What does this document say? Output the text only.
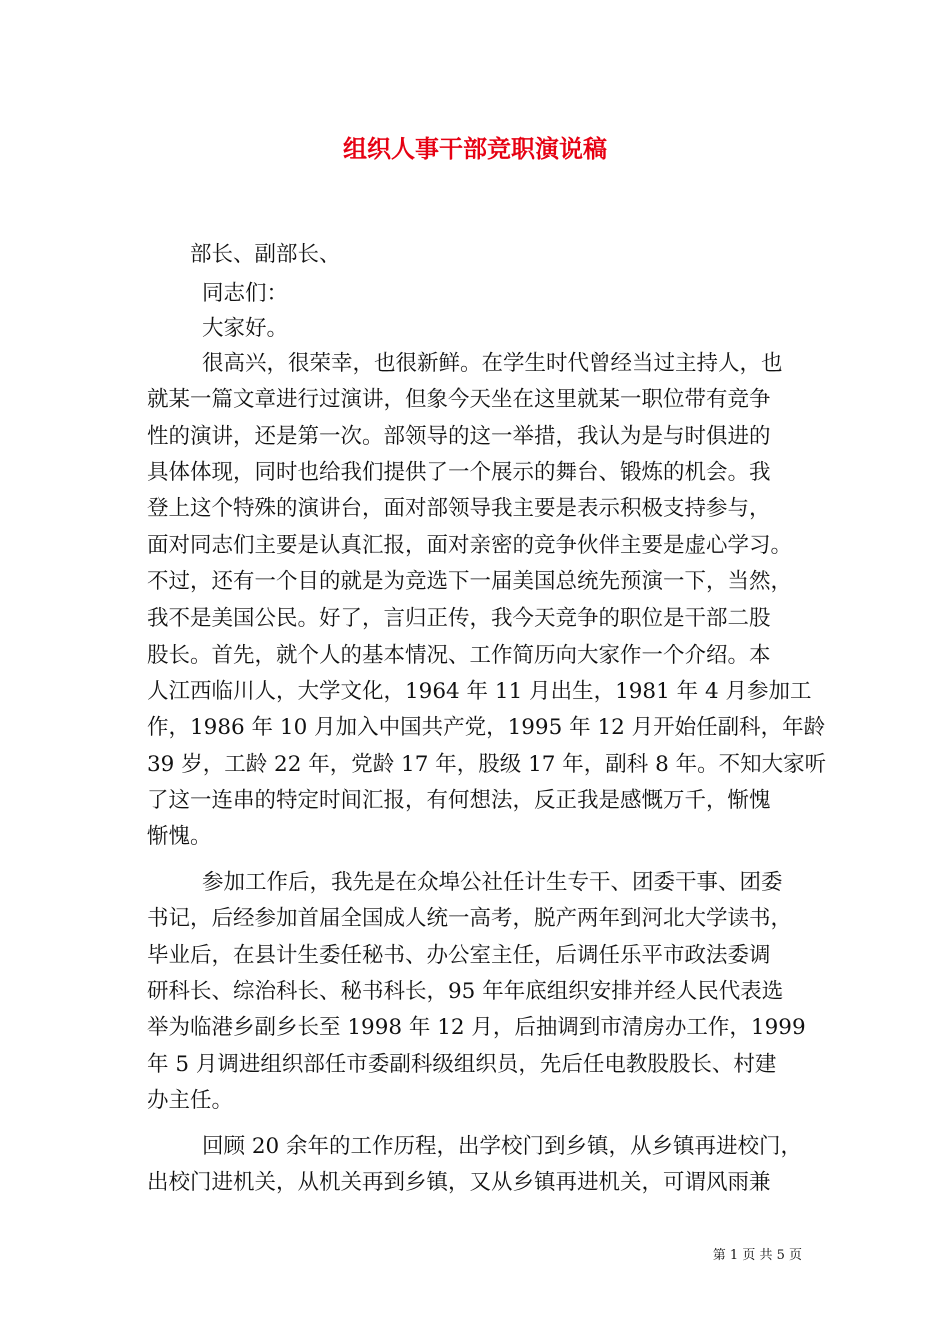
组织人事干部竞职演说稿
部长、副部长、
同志们：
大家好。
很高兴，很荣幸，也很新鲜。在学生时代曾经当过主持人，也
就某一篇文章进行过演讲，但象今天坐在这里就某一职位带有竞争
性的演讲，还是第一次。部领导的这一举措，我认为是与时俱进的
具体体现，同时也给我们提供了一个展示的舞台、锻炼的机会。我
登上这个特殊的演讲台，面对部领导我主要是表示积极支持参与，
面对同志们主要是认真汇报，面对亲密的竞争伙伴主要是虚心学习。
不过，还有一个目的就是为竞选下一届美国总统先预演一下，当然，
我不是美国公民。好了，言归正传，我今天竞争的职位是干部二股
股长。首先，就个人的基本情况、工作简历向大家作一个介绍。本
人江西临川人，大学文化，1964 年 11 月出生，1981 年 4 月参加工
作，1986 年 10 月加入中国共产党，1995 年 12 月开始任副科，年龄
39 岁，工龄 22 年，党龄 17 年，股级 17 年，副科 8 年。不知大家听
了这一连串的特定时间汇报，有何想法，反正我是感慨万千，惭愧
惭愧。
参加工作后，我先是在众埠公社任计生专干、团委干事、团委
书记，后经参加首届全国成人统一高考，脱产两年到河北大学读书，
毕业后，在县计生委任秘书、办公室主任，后调任乐平市政法委调
研科长、综治科长、秘书科长，95 年年底组织安排并经人民代表选
举为临港乡副乡长至 1998 年 12 月，后抽调到市清房办工作，1999
年 5 月调进组织部任市委副科级组织员，先后任电教股股长、村建
办主任。
回顾 20 余年的工作历程，出学校门到乡镇，从乡镇再进校门，
出校门进机关，从机关再到乡镇，又从乡镇再进机关，可谓风雨兼
第 1 页 共 5 页
